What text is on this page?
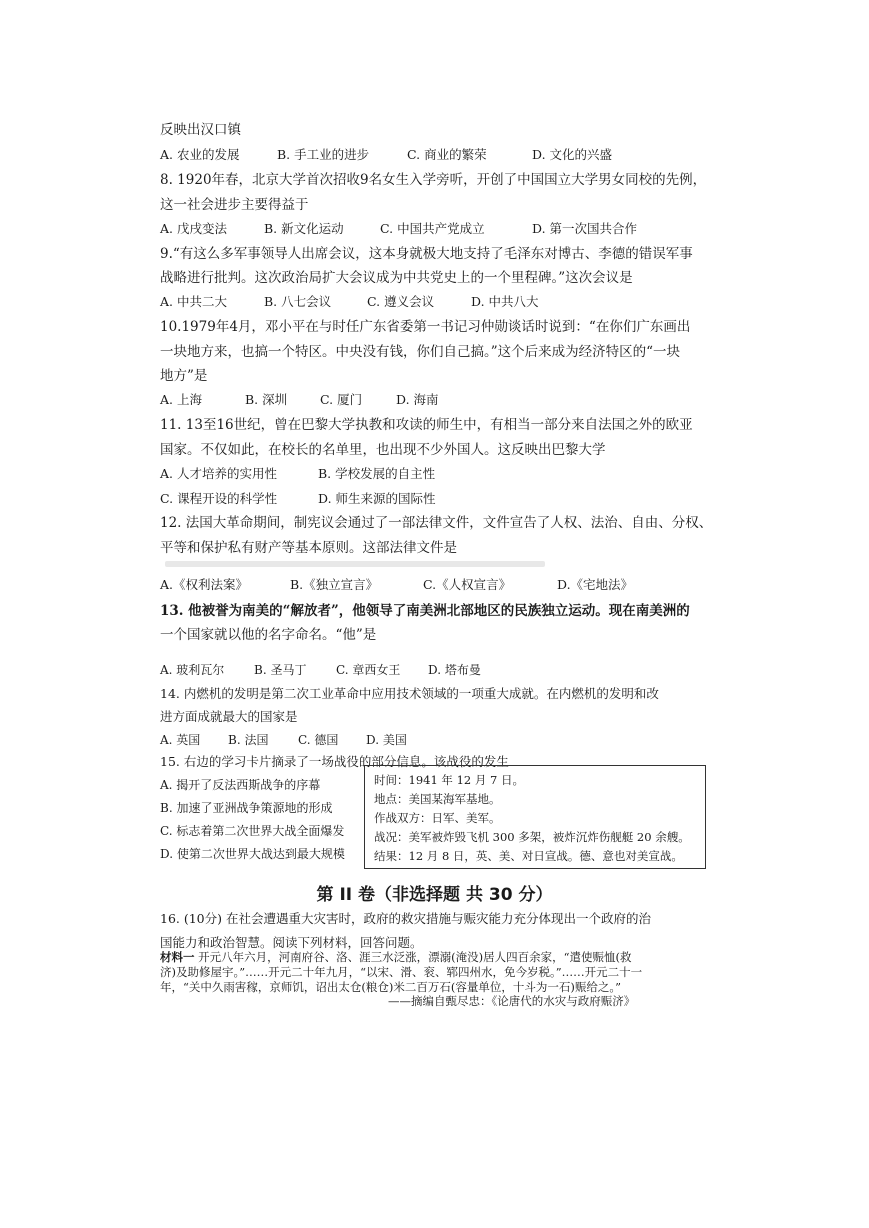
反映出汉口镇
A. 农业的发展	B. 手工业的进步	C. 商业的繁荣	D. 文化的兴盛
8. 1920年春，北京大学首次招收9名女生入学旁听，开创了中国国立大学男女同校的先例，
这一社会进步主要得益于
A. 戊戌变法	B. 新文化运动	C. 中国共产党成立	D. 第一次国共合作
9.“有这么多军事领导人出席会议，这本身就极大地支持了毛泽东对博古、李德的错误军事
战略进行批判。这次政治局扩大会议成为中共党史上的一个里程碑。”这次会议是
A. 中共二大	B. 八七会议	C. 遵义会议	D. 中共八大
10.1979年4月，邓小平在与时任广东省委第一书记习仲勋谈话时说到：“在你们广东画出
一块地方来，也搞一个特区。中央没有钱，你们自己搞。”这个后来成为经济特区的“一块
地方”是
A. 上海	B. 深圳	C. 厦门	D. 海南
11. 13至16世纪，曾在巴黎大学执教和攻读的师生中，有相当一部分来自法国之外的欧亚
国家。不仅如此，在校长的名单里，也出现不少外国人。这反映出巴黎大学
A. 人才培养的实用性	B. 学校发展的自主性
C. 课程开设的科学性	D. 师生来源的国际性
12. 法国大革命期间，制宪议会通过了一部法律文件，文件宣告了人权、法治、自由、分权、
平等和保护私有财产等基本原则。这部法律文件是
A.《权利法案》	B.《独立宣言》	C.《人权宣言》	D.《宅地法》
13. 他被誉为南美的“解放者”，他领导了南美洲北部地区的民族独立运动。现在南美洲的
一个国家就以他的名字命名。“他”是
A. 玻利瓦尔 B. 圣马丁 C. 章西女王 D. 塔布曼
14. 内燃机的发明是第二次工业革命中应用技术领域的一项重大成就。在内燃机的发明和改
进方面成就最大的国家是
A. 英国 B. 法国 C. 德国 D. 美国
15. 右边的学习卡片摘录了一场战役的部分信息。该战役的发生
A. 揭开了反法西斯战争的序幕
B. 加速了亚洲战争策源地的形成
C. 标志着第二次世界大战全面爆发
D. 使第二次世界大战达到最大规模
时间：1941 年 12 月 7 日。
地点：美国某海军基地。
作战双方：日军、美军。
战况：美军被炸毁飞机 300 多架，被炸沉炸伤舰艇 20 余艘。
结果：12 月 8 日，英、美、对日宣战。德、意也对美宣战。
第 II 卷（非选择题 共 30 分）
16. (10分) 在社会遭遇重大灾害时，政府的救灾措施与赈灾能力充分体现出一个政府的治
国能力和政治智慧。阅读下列材料，回答问题。
材料一 开元八年六月，河南府谷、洛、涯三水泛涨，漂溺(淹没)居人四百余家，“遣使赈恤(救
济)及助修屋宇。”……开元二十年九月，“以宋、滑、衮、郓四州水，免今岁税。”……开元二十一
年，“关中久雨害稼，京师饥，诏出太仓(粮仓)米二百万石(容量单位，十斗为一石)赈给之。”
——摘编自甄尽忠：《论唐代的水灾与政府赈济》
